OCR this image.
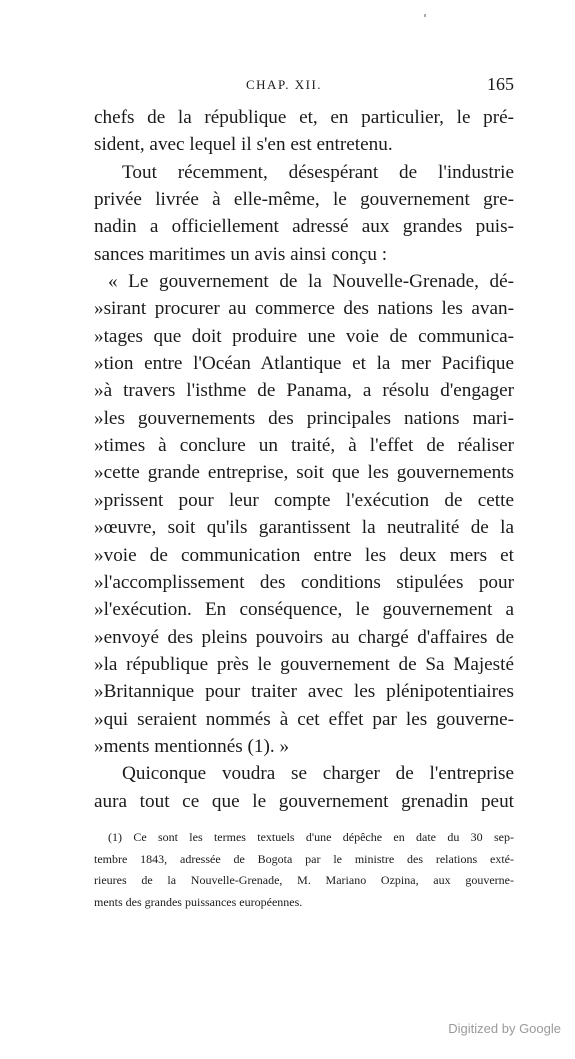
CHAP. XII.	165
chefs de la république et, en particulier, le pré-
sident, avec lequel il s'en est entretenu.
Tout récemment, désespérant de l'industrie
privée livrée à elle-même, le gouvernement gre-
nadin a officiellement adressé aux grandes puis-
sances maritimes un avis ainsi conçu :
« Le gouvernement de la Nouvelle-Grenade, dé-
»sirant procurer au commerce des nations les avan-
»tages que doit produire une voie de communica-
»tion entre l'Océan Atlantique et la mer Pacifique
»à travers l'isthme de Panama, a résolu d'engager
»les gouvernements des principales nations mari-
»times à conclure un traité, à l'effet de réaliser
»cette grande entreprise, soit que les gouvernements
»prissent pour leur compte l'exécution de cette
»œuvre, soit qu'ils garantissent la neutralité de la
»voie de communication entre les deux mers et
»l'accomplissement des conditions stipulées pour
»l'exécution. En conséquence, le gouvernement a
»envoyé des pleins pouvoirs au chargé d'affaires de
»la république près le gouvernement de Sa Majesté
»Britannique pour traiter avec les plénipotentiaires
»qui seraient nommés à cet effet par les gouverne-
»ments mentionnés (1). »
Quiconque voudra se charger de l'entreprise
aura tout ce que le gouvernement grenadin peut
(1) Ce sont les termes textuels d'une dépêche en date du 30 sep-
tembre 1843, adressée de Bogota par le ministre des relations exté-
rieures de la Nouvelle-Grenade, M. Mariano Ozpina, aux gouverne-
ments des grandes puissances européennes.
Digitized by Google
